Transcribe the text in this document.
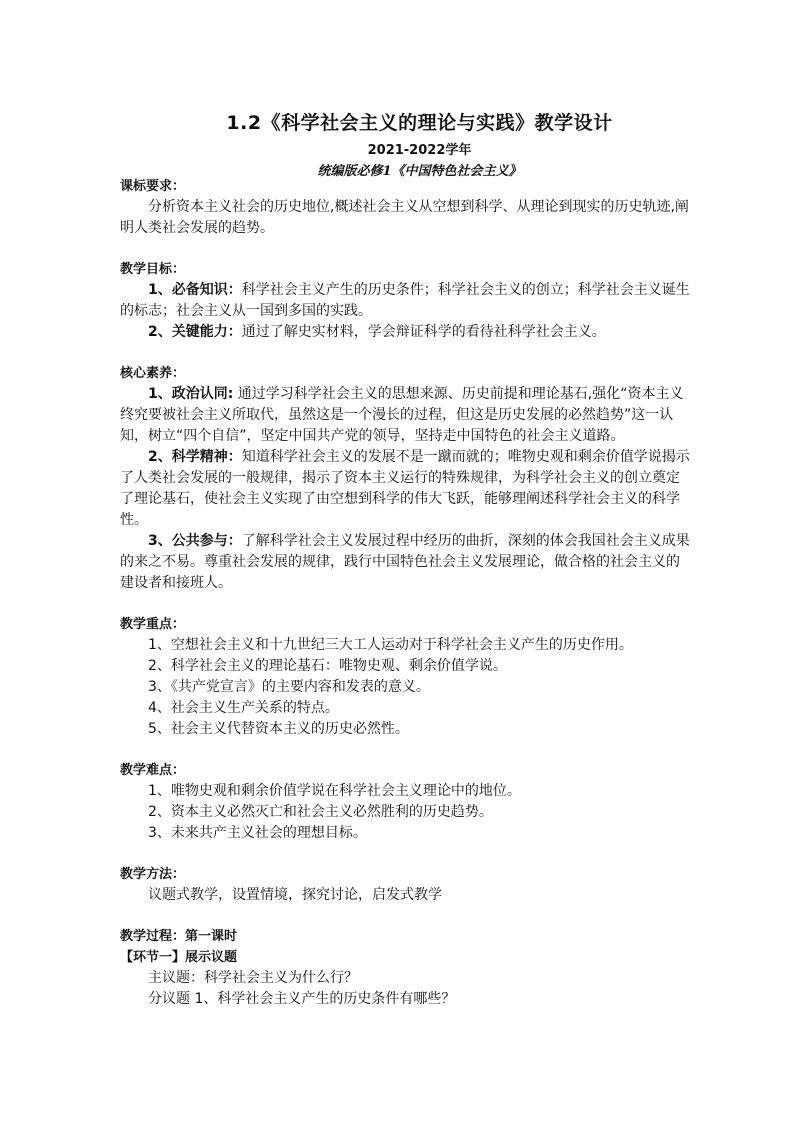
1.2《科学社会主义的理论与实践》教学设计
2021-2022学年
统编版必修1《中国特色社会主义》

课标要求：

分析资本主义社会的历史地位,概述社会主义从空想到科学、从理论到现实的历史轨迹,阐明人类社会发展的趋势。

教学目标：

1、必备知识：科学社会主义产生的历史条件；科学社会主义的创立；科学社会主义诞生的标志；社会主义从一国到多国的实践。

2、关键能力：通过了解史实材料，学会辩证科学的看待社科学社会主义。

核心素养：

1、政治认同: 通过学习科学社会主义的思想来源、历史前提和理论基石,强化“资本主义终究要被社会主义所取代，虽然这是一个漫长的过程，但这是历史发展的必然趋势”这一认知，树立“四个自信”，坚定中国共产党的领导，坚持走中国特色的社会主义道路。

2、科学精神：知道科学社会主义的发展不是一蹴而就的；唯物史观和剩余价值学说揭示了人类社会发展的一般规律，揭示了资本主义运行的特殊规律，为科学社会主义的创立奠定了理论基石，使社会主义实现了由空想到科学的伟大飞跃，能够理阐述科学社会主义的科学性。

3、公共参与：了解科学社会主义发展过程中经历的曲折，深刻的体会我国社会主义成果的来之不易。尊重社会发展的规律，践行中国特色社会主义发展理论，做合格的社会主义的建设者和接班人。

教学重点：

1、空想社会主义和十九世纪三大工人运动对于科学社会主义产生的历史作用。

2、科学社会主义的理论基石：唯物史观、剩余价值学说。

3、《共产党宣言》的主要内容和发表的意义。

4、社会主义生产关系的特点。

5、社会主义代替资本主义的历史必然性。

教学难点：

1、唯物史观和剩余价值学说在科学社会主义理论中的地位。

2、资本主义必然灭亡和社会主义必然胜利的历史趋势。

3、未来共产主义社会的理想目标。

教学方法：

议题式教学，设置情境，探究讨论，启发式教学

教学过程：第一课时

【环节一】展示议题

主议题：科学社会主义为什么行？

分议题 1、科学社会主义产生的历史条件有哪些？
